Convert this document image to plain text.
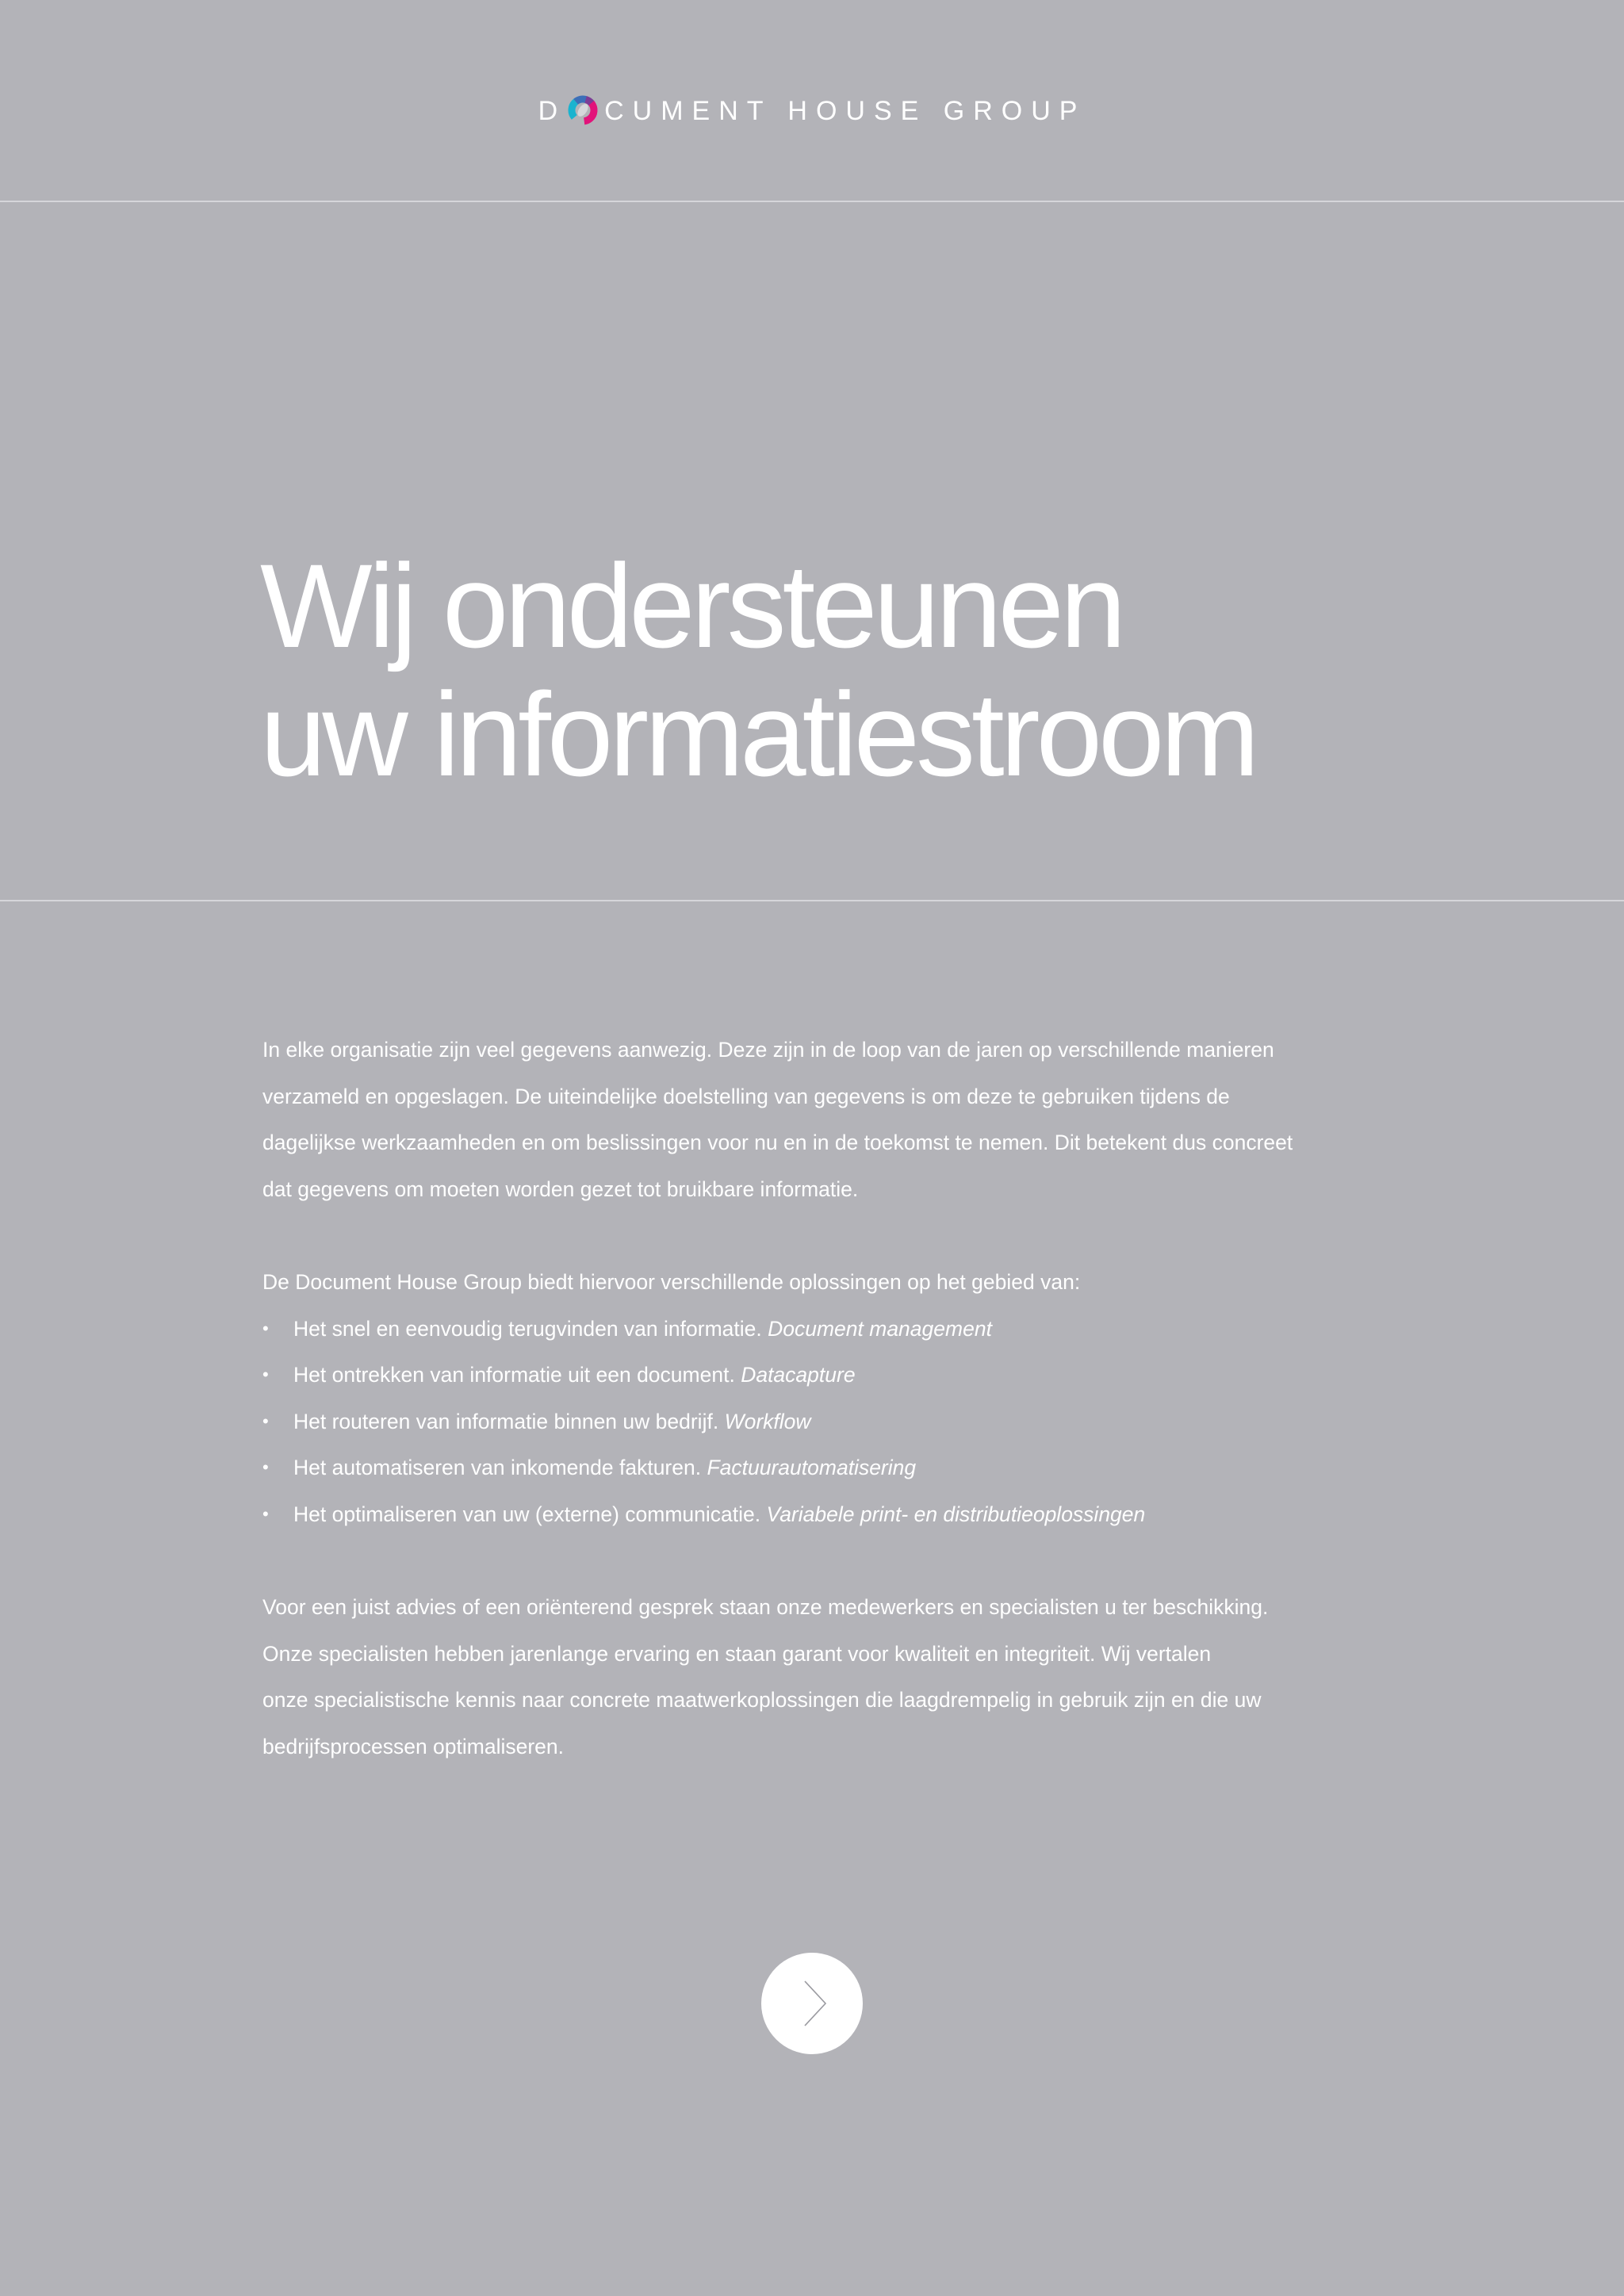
D CUMENT HOUSE GROUP
Wij ondersteunen
uw informatiestroom

In elke organisatie zijn veel gegevens aanwezig. Deze zijn in de loop van de jaren op verschillende manieren

verzameld en opgeslagen. De uiteindelijke doelstelling van gegevens is om deze te gebruiken tijdens de

dagelijkse werkzaamheden en om beslissingen voor nu en in de toekomst te nemen. Dit betekent dus concreet

dat gegevens om moeten worden gezet tot bruikbare informatie.

De Document House Group biedt hiervoor verschillende oplossingen op het gebied van:

• Het snel en eenvoudig terugvinden van informatie. Document management
• Het ontrekken van informatie uit een document. Datacapture
• Het routeren van informatie binnen uw bedrijf. Workflow
• Het automatiseren van inkomende fakturen. Factuurautomatisering
• Het optimaliseren van uw (externe) communicatie. Variabele print- en distributieoplossingen

Voor een juist advies of een oriënterend gesprek staan onze medewerkers en specialisten u ter beschikking.

Onze specialisten hebben jarenlange ervaring en staan garant voor kwaliteit en integriteit. Wij vertalen

onze specialistische kennis naar concrete maatwerkoplossingen die laagdrempelig in gebruik zijn en die uw

bedrijfsprocessen optimaliseren.
